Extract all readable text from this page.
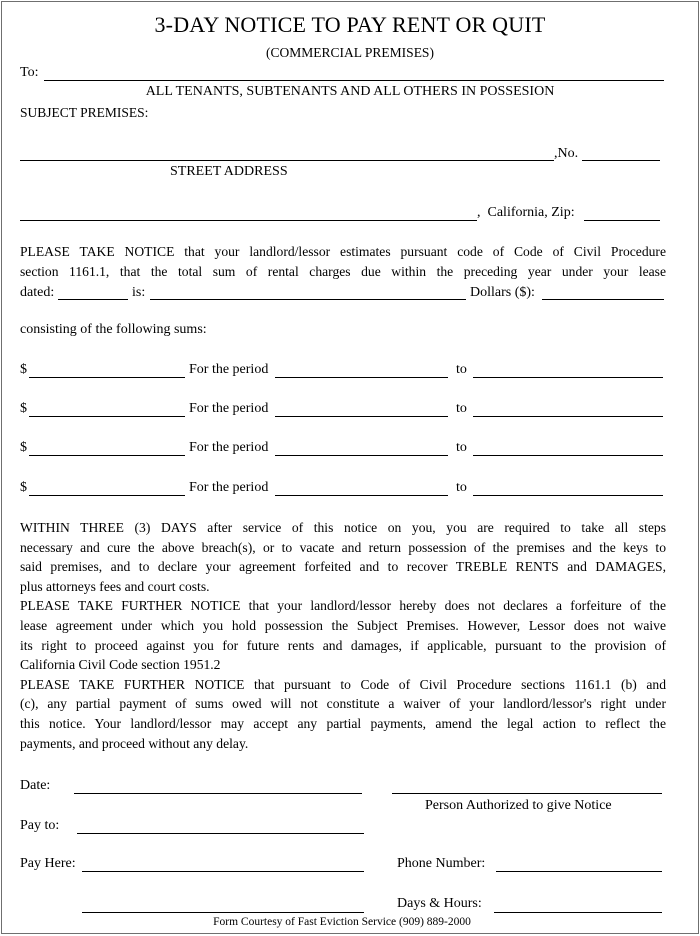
3-DAY NOTICE TO PAY RENT OR QUIT
(COMMERCIAL PREMISES)
To:
ALL TENANTS, SUBTENANTS AND ALL OTHERS IN POSSESION
SUBJECT PREMISES:
,No.
STREET ADDRESS
,  California, Zip:
PLEASE TAKE NOTICE that your landlord/lessor estimates pursuant code of Code of Civil Procedure
section 1161.1, that the total sum of rental charges due within the preceding year under your lease
dated:	is:	Dollars ($):
consisting of the following sums:
$	For the period	to
$	For the period	to
$	For the period	to
$	For the period	to
WITHIN THREE (3) DAYS after service of this notice on you, you are required to take all steps
necessary and cure the above breach(s), or to vacate and return possession of the premises and the keys to
said premises, and to declare your agreement forfeited and to recover TREBLE RENTS and DAMAGES,
plus attorneys fees and court costs.
PLEASE TAKE FURTHER NOTICE that your landlord/lessor hereby does not declares a forfeiture of the
lease agreement under which you hold possession the Subject Premises. However, Lessor does not waive
its right to proceed against you for future rents and damages, if applicable, pursuant to the provision of
California Civil Code section 1951.2
PLEASE TAKE FURTHER NOTICE that pursuant to Code of Civil Procedure sections 1161.1 (b) and
(c), any partial payment of sums owed will not constitute a waiver of your landlord/lessor's right under
this notice. Your landlord/lessor may accept any partial payments, amend the legal action to reflect the
payments, and proceed without any delay.
Date:
Person Authorized to give Notice
Pay to:
Pay Here:	Phone Number:
Days & Hours:
Form Courtesy of Fast Eviction Service (909) 889-2000
